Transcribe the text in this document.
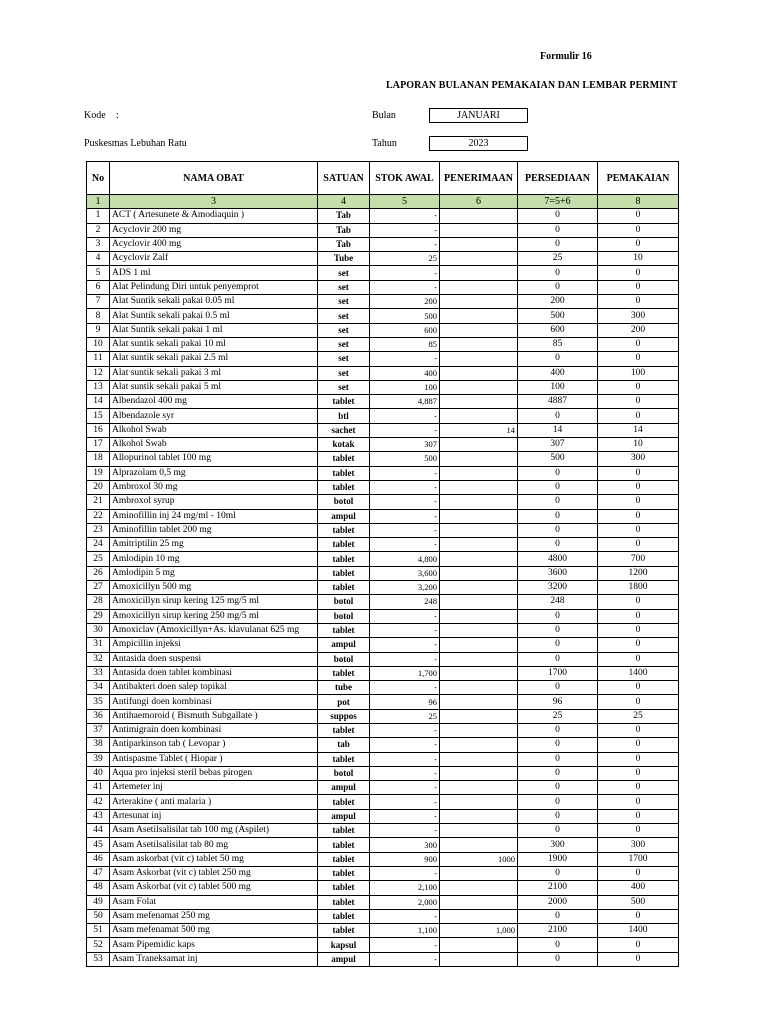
Formulir 16
LAPORAN BULANAN PEMAKAIAN DAN LEMBAR PERMINT
Kode :	Bulan	JANUARI
Puskesmas Lebuhan Ratu	Tahun	2023
No	NAMA OBAT	SATUAN	STOK AWAL	PENERIMAAN	PERSEDIAAN	PEMAKAIAN
1	3	4	5	6	7=5+6	8
1	ACT ( Artesunete & Amodiaquin )	Tab	-		0	0
2	Acyclovir 200 mg	Tab	-		0	0
3	Acyclovir 400 mg	Tab	-		0	0
4	Acyclovir Zalf	Tube	25		25	10
5	ADS 1 ml	set	-		0	0
6	Alat Pelindung Diri untuk penyemprot	set	-		0	0
7	Alat Suntik sekali pakai 0.05 ml	set	200		200	0
8	Alat Suntik sekali pakai 0.5 ml	set	500		500	300
9	Alat Suntik sekali pakai 1 ml	set	600		600	200
10	Alat suntik sekali pakai 10 ml	set	85		85	0
11	Alat suntik sekali pakai 2.5 ml	set	-		0	0
12	Alat suntik sekali pakai 3 ml	set	400		400	100
13	Alat suntik sekali pakai 5 ml	set	100		100	0
14	Albendazol 400 mg	tablet	4,887		4887	0
15	Albendazole syr	btl	-		0	0
16	Alkohol Swab	sachet	-	14	14	14
17	Alkohol Swab	kotak	307		307	10
18	Allopurinol tablet 100 mg	tablet	500		500	300
19	Alprazolam 0,5 mg	tablet	-		0	0
20	Ambroxol 30 mg	tablet	-		0	0
21	Ambroxol syrup	botol	-		0	0
22	Aminofillin inj 24 mg/ml - 10ml	ampul	-		0	0
23	Aminofillin tablet 200 mg	tablet	-		0	0
24	Amitriptilin 25 mg	tablet	-		0	0
25	Amlodipin 10 mg	tablet	4,800		4800	700
26	Amlodipin 5 mg	tablet	3,600		3600	1200
27	Amoxicillyn 500 mg	tablet	3,200		3200	1800
28	Amoxicillyn sirup kering 125 mg/5 ml	botol	248		248	0
29	Amoxicillyn sirup kering 250 mg/5 ml	botol	-		0	0
30	Amoxiclav (Amoxicillyn+As. klavulanat 625 mg	tablet	-		0	0
31	Ampicillin injeksi	ampul	-		0	0
32	Antasida doen suspensi	botol	-		0	0
33	Antasida doen tablet kombinasi	tablet	1,700		1700	1400
34	Antibakteri doen salep topikal	tube	-		0	0
35	Antifungi doen kombinasi	pot	96		96	0
36	Antihaemoroid ( Bismuth Subgallate )	suppos	25		25	25
37	Antimigrain doen kombinasi	tablet	-		0	0
38	Antiparkinson tab ( Levopar )	tab	-		0	0
39	Antispasme Tablet ( Hiopar )	tablet	-		0	0
40	Aqua pro injeksi steril bebas pirogen	botol	-		0	0
41	Artemeter inj	ampul	-		0	0
42	Arterakine ( anti malaria )	tablet	-		0	0
43	Artesunat inj	ampul	-		0	0
44	Asam Asetilsalisilat tab 100 mg (Aspilet)	tablet	-		0	0
45	Asam Asetilsalisilat tab 80 mg	tablet	300		300	300
46	Asam askorbat (vit c) tablet 50 mg	tablet	900	1000	1900	1700
47	Asam Askorbat (vit c) tablet 250 mg	tablet	-		0	0
48	Asam Askorbat (vit c) tablet 500 mg	tablet	2,100		2100	400
49	Asam Folat	tablet	2,000		2000	500
50	Asam mefenamat 250 mg	tablet	-		0	0
51	Asam mefenamat 500 mg	tablet	1,100	1,000	2100	1400
52	Asam Pipemidic kaps	kapsul	-		0	0
53	Asam Traneksamat inj	ampul	-		0	0
